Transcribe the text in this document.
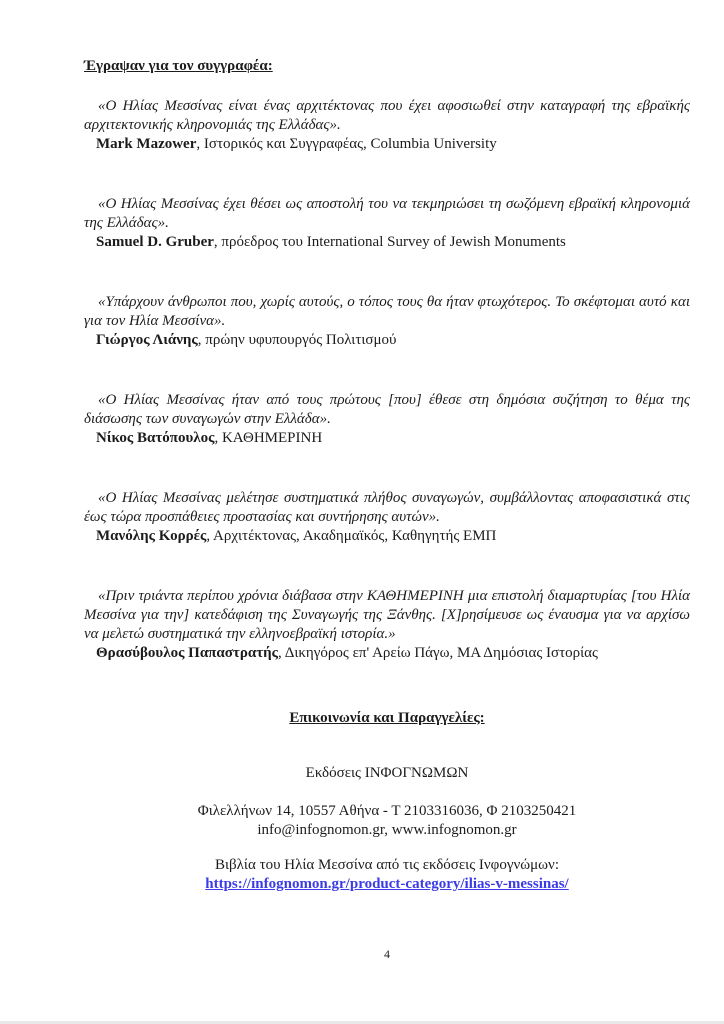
Έγραψαν για τον συγγραφέα:

«Ο Ηλίας Μεσσίνας είναι ένας αρχιτέκτονας που έχει αφοσιωθεί στην καταγραφή της εβραϊκής αρχιτεκτονικής κληρονομιάς της Ελλάδας».

Mark Mazower, Ιστορικός και Συγγραφέας, Columbia University

«Ο Ηλίας Μεσσίνας έχει θέσει ως αποστολή του να τεκμηριώσει τη σωζόμενη εβραϊκή κληρονομιά της Ελλάδας».

Samuel D. Gruber, πρόεδρος του International Survey of Jewish Monuments

«Υπάρχουν άνθρωποι που, χωρίς αυτούς, ο τόπος τους θα ήταν φτωχότερος. Το σκέφτομαι αυτό και για τον Ηλία Μεσσίνα».

Γιώργος Λιάνης, πρώην υφυπουργός Πολιτισμού

«Ο Ηλίας Μεσσίνας ήταν από τους πρώτους [που] έθεσε στη δημόσια συζήτηση το θέμα της διάσωσης των συναγωγών στην Ελλάδα».

Νίκος Βατόπουλος, ΚΑΘΗΜΕΡΙΝΗ

«Ο Ηλίας Μεσσίνας μελέτησε συστηματικά πλήθος συναγωγών, συμβάλλοντας αποφασιστικά στις έως τώρα προσπάθειες προστασίας και συντήρησης αυτών».

Μανόλης Κορρές, Αρχιτέκτονας, Ακαδημαϊκός, Καθηγητής ΕΜΠ

«Πριν τριάντα περίπου χρόνια διάβασα στην ΚΑΘΗΜΕΡΙΝΗ μια επιστολή διαμαρτυρίας [του Ηλία Μεσσίνα για την] κατεδάφιση της Συναγωγής της Ξάνθης. [Χ]ρησίμευσε ως έναυσμα για να αρχίσω να μελετώ συστηματικά την ελληνοεβραϊκή ιστορία.»

Θρασύβουλος Παπαστρατής, Δικηγόρος επ' Αρείω Πάγω, ΜΑ Δημόσιας Ιστορίας

Επικοινωνία και Παραγγελίες:

Εκδόσεις ΙΝΦΟΓΝΩΜΩΝ

Φιλελλήνων 14, 10557 Αθήνα - Τ 2103316036, Φ 2103250421

info@infognomon.gr, www.infognomon.gr

Βιβλία του Ηλία Μεσσίνα από τις εκδόσεις Ινφογνώμων:

https://infognomon.gr/product-category/ilias-v-messinas/

4
